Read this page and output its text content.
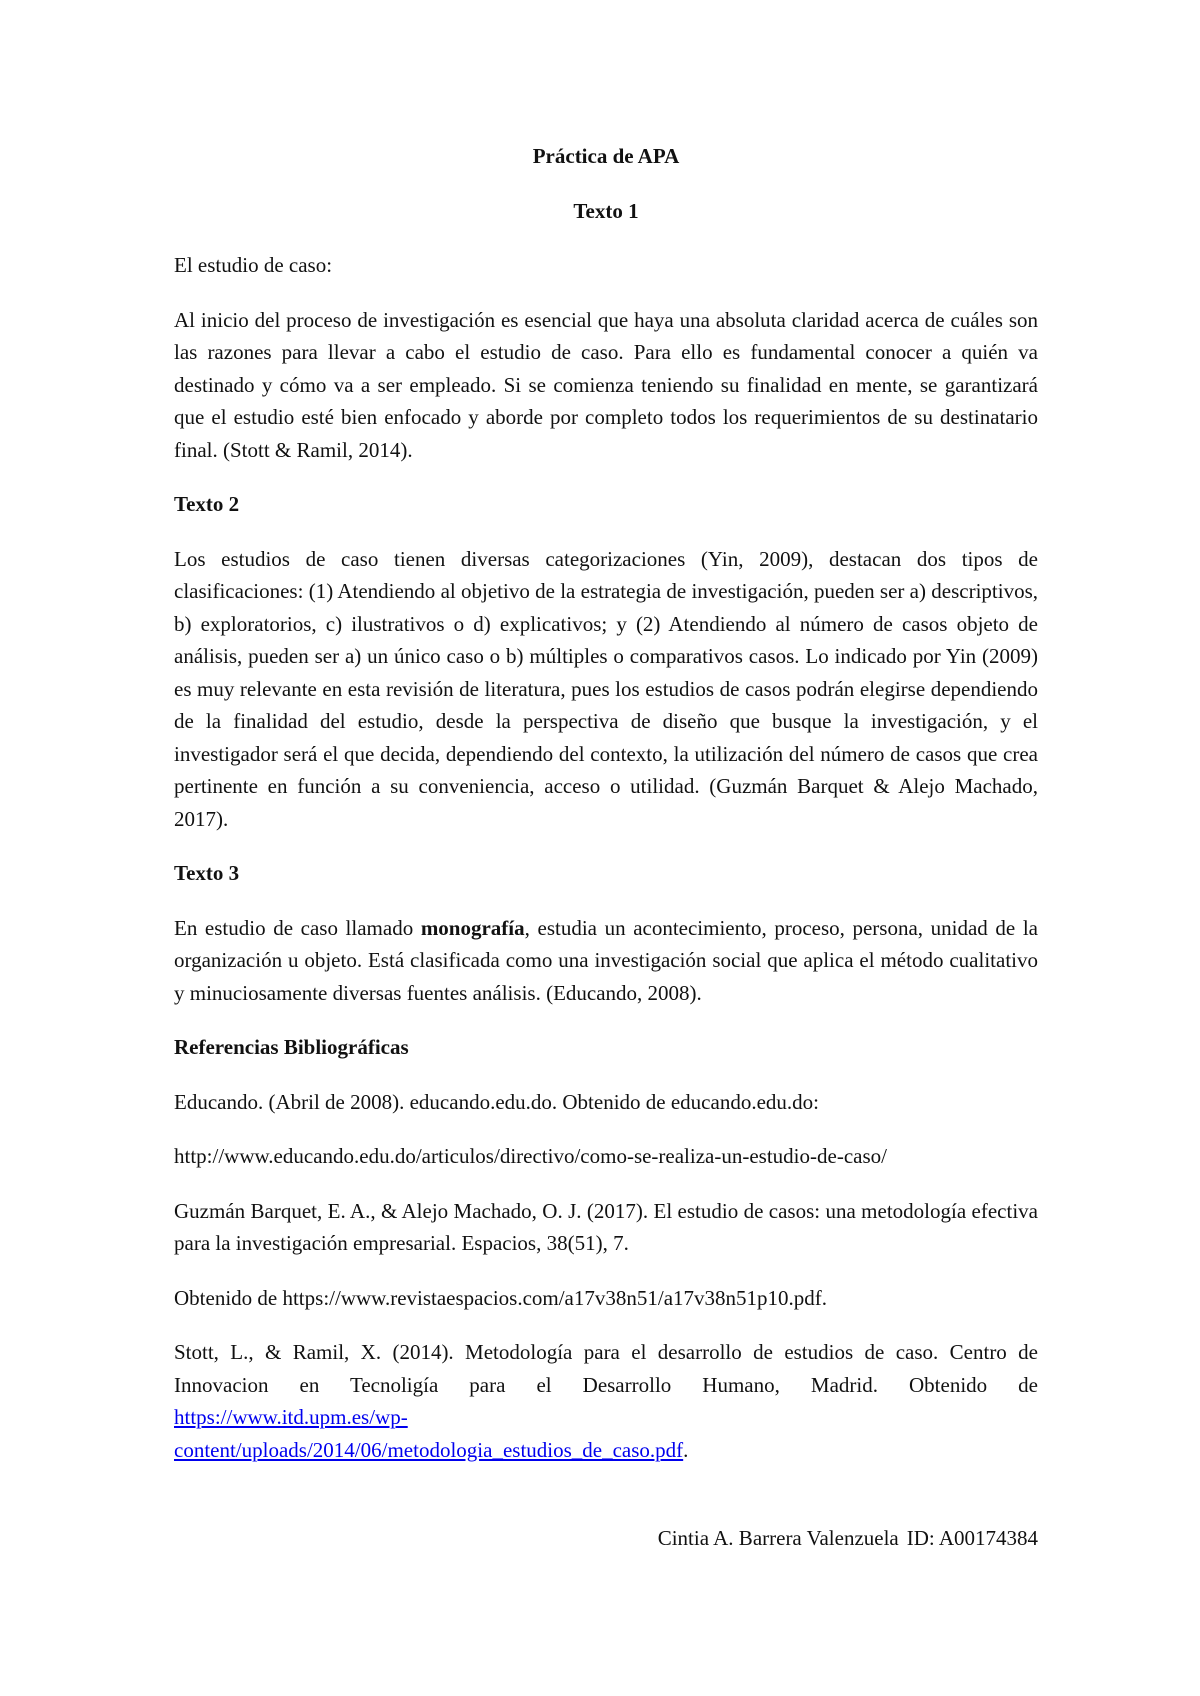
Práctica de APA

Texto 1

El estudio de caso:

Al inicio del proceso de investigación es esencial que haya una absoluta claridad acerca de cuáles son las razones para llevar a cabo el estudio de caso. Para ello es fundamental conocer a quién va destinado y cómo va a ser empleado. Si se comienza teniendo su finalidad en mente, se garantizará que el estudio esté bien enfocado y aborde por completo todos los requerimientos de su destinatario final. (Stott & Ramil, 2014).

Texto 2

Los estudios de caso tienen diversas categorizaciones (Yin, 2009), destacan dos tipos de clasificaciones: (1) Atendiendo al objetivo de la estrategia de investigación, pueden ser a) descriptivos, b) exploratorios, c) ilustrativos o d) explicativos; y (2) Atendiendo al número de casos objeto de análisis, pueden ser a) un único caso o b) múltiples o comparativos casos. Lo indicado por Yin (2009) es muy relevante en esta revisión de literatura, pues los estudios de casos podrán elegirse dependiendo de la finalidad del estudio, desde la perspectiva de diseño que busque la investigación, y el investigador será el que decida, dependiendo del contexto, la utilización del número de casos que crea pertinente en función a su conveniencia, acceso o utilidad. (Guzmán Barquet & Alejo Machado, 2017).

Texto 3

En estudio de caso llamado monografía, estudia un acontecimiento, proceso, persona, unidad de la organización u objeto. Está clasificada como una investigación social que aplica el método cualitativo y minuciosamente diversas fuentes análisis. (Educando, 2008).

Referencias Bibliográficas

Educando. (Abril de 2008). educando.edu.do. Obtenido de educando.edu.do:

http://www.educando.edu.do/articulos/directivo/como-se-realiza-un-estudio-de-caso/

Guzmán Barquet, E. A., & Alejo Machado, O. J. (2017). El estudio de casos: una metodología efectiva para la investigación empresarial. Espacios, 38(51), 7.

Obtenido de https://www.revistaespacios.com/a17v38n51/a17v38n51p10.pdf.

Stott, L., & Ramil, X. (2014). Metodología para el desarrollo de estudios de caso. Centro de Innovacion en Tecnoligía para el Desarrollo Humano, Madrid. Obtenido de https://www.itd.upm.es/wp-
content/uploads/2014/06/metodologia_estudios_de_caso.pdf.

Cintia A. Barrera Valenzuela ID: A00174384
